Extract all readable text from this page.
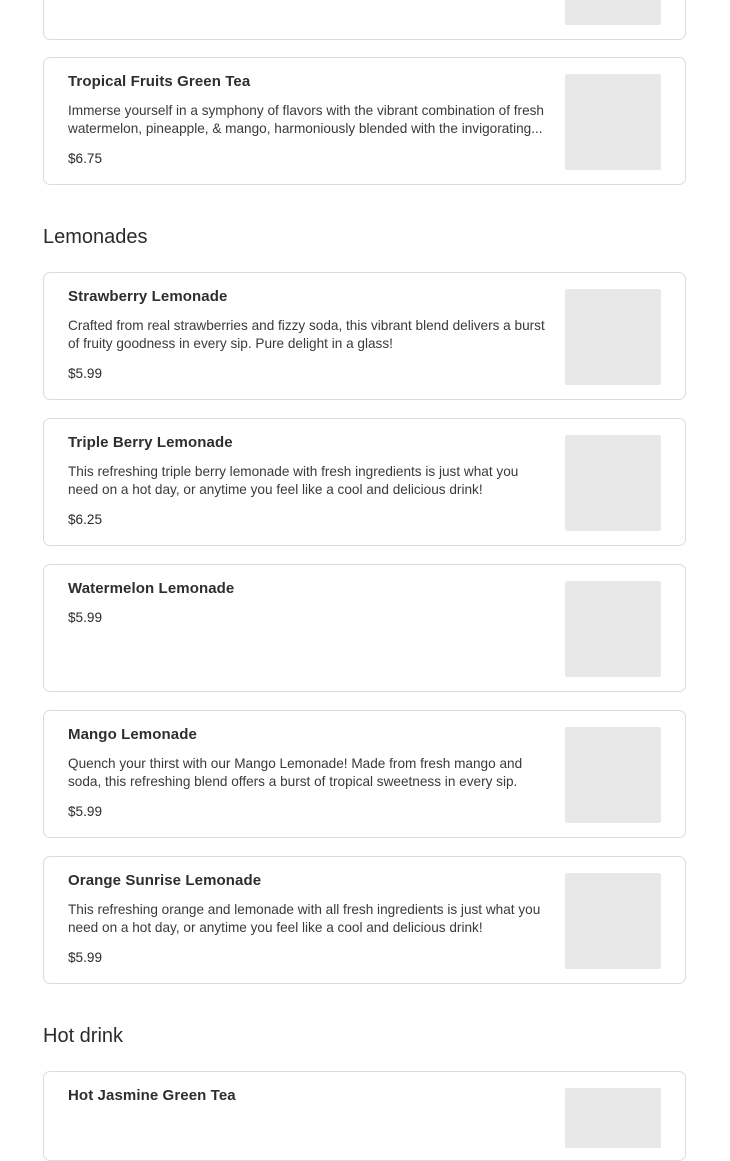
Tropical Fruits Green Tea
Immerse yourself in a symphony of flavors with the vibrant combination of fresh watermelon, pineapple, & mango, harmoniously blended with the invigorating...
$6.75
Lemonades
Strawberry Lemonade
Crafted from real strawberries and fizzy soda, this vibrant blend delivers a burst of fruity goodness in every sip. Pure delight in a glass!
$5.99
Triple Berry Lemonade
This refreshing triple berry lemonade with fresh ingredients is just what you need on a hot day, or anytime you feel like a cool and delicious drink!
$6.25
Watermelon Lemonade
$5.99
Mango Lemonade
Quench your thirst with our Mango Lemonade! Made from fresh mango and soda, this refreshing blend offers a burst of tropical sweetness in every sip.
$5.99
Orange Sunrise Lemonade
This refreshing orange and lemonade with all fresh ingredients is just what you need on a hot day, or anytime you feel like a cool and delicious drink!
$5.99
Hot drink
Hot Jasmine Green Tea
